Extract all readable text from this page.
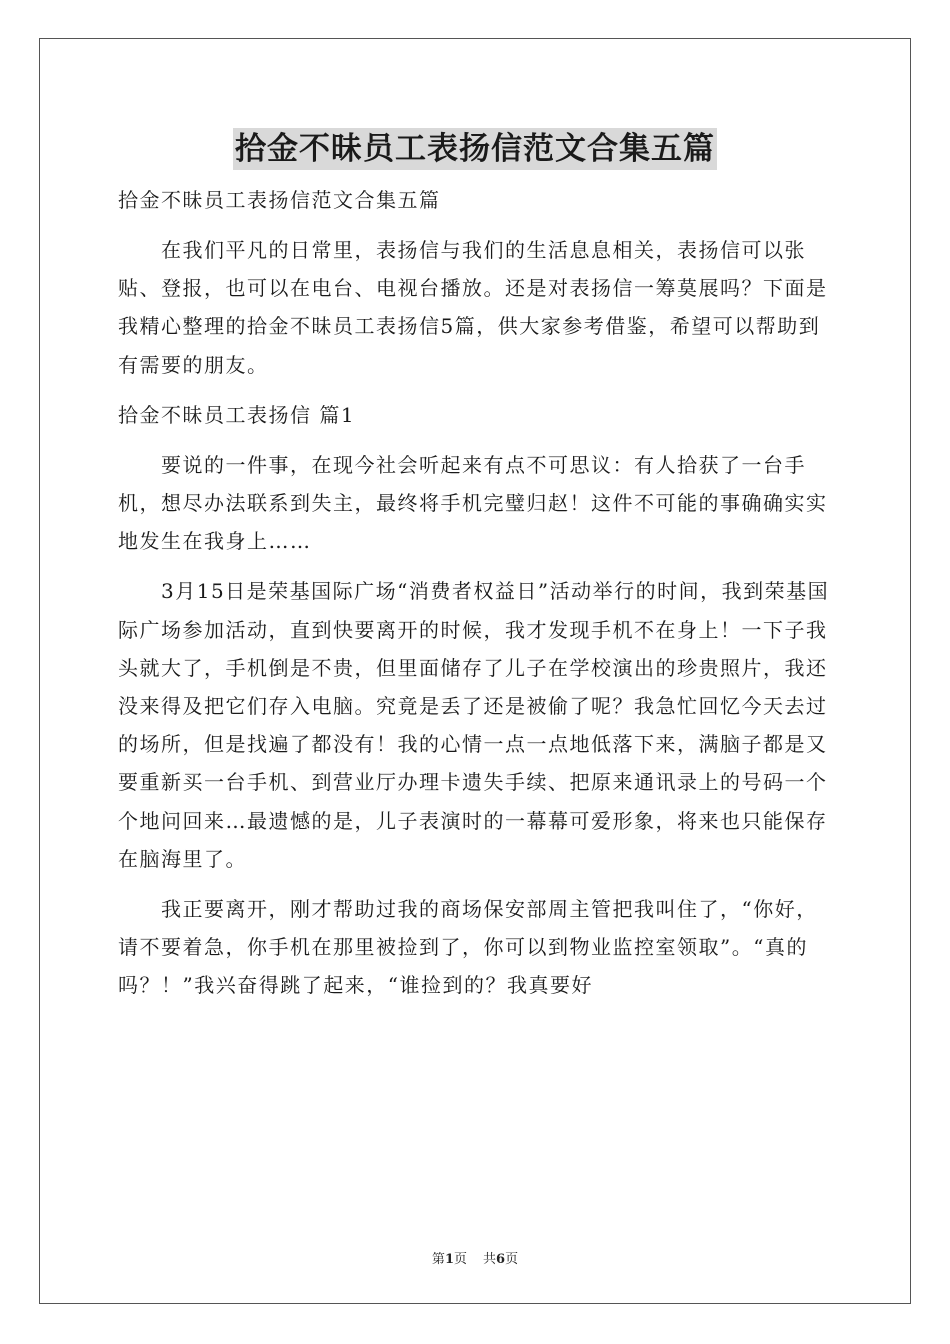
拾金不昧员工表扬信范文合集五篇

拾金不昧员工表扬信范文合集五篇

在我们平凡的日常里，表扬信与我们的生活息息相关，表扬信可以张贴、登报，也可以在电台、电视台播放。还是对表扬信一筹莫展吗？下面是我精心整理的拾金不昧员工表扬信5篇，供大家参考借鉴，希望可以帮助到有需要的朋友。

拾金不昧员工表扬信 篇1

要说的一件事，在现今社会听起来有点不可思议：有人拾获了一台手机，想尽办法联系到失主，最终将手机完璧归赵！这件不可能的事确确实实地发生在我身上……

3月15日是荣基国际广场“消费者权益日”活动举行的时间，我到荣基国际广场参加活动，直到快要离开的时候，我才发现手机不在身上！一下子我头就大了，手机倒是不贵，但里面储存了儿子在学校演出的珍贵照片，我还没来得及把它们存入电脑。究竟是丢了还是被偷了呢？我急忙回忆今天去过的场所，但是找遍了都没有！我的心情一点一点地低落下来，满脑子都是又要重新买一台手机、到营业厅办理卡遗失手续、把原来通讯录上的号码一个个地问回来…最遗憾的是，儿子表演时的一幕幕可爱形象，将来也只能保存在脑海里了。

我正要离开，刚才帮助过我的商场保安部周主管把我叫住了，“你好，请不要着急，你手机在那里被捡到了，你可以到物业监控室领取”。“真的吗？！”我兴奋得跳了起来，“谁捡到的？我真要好

第1页 共6页
